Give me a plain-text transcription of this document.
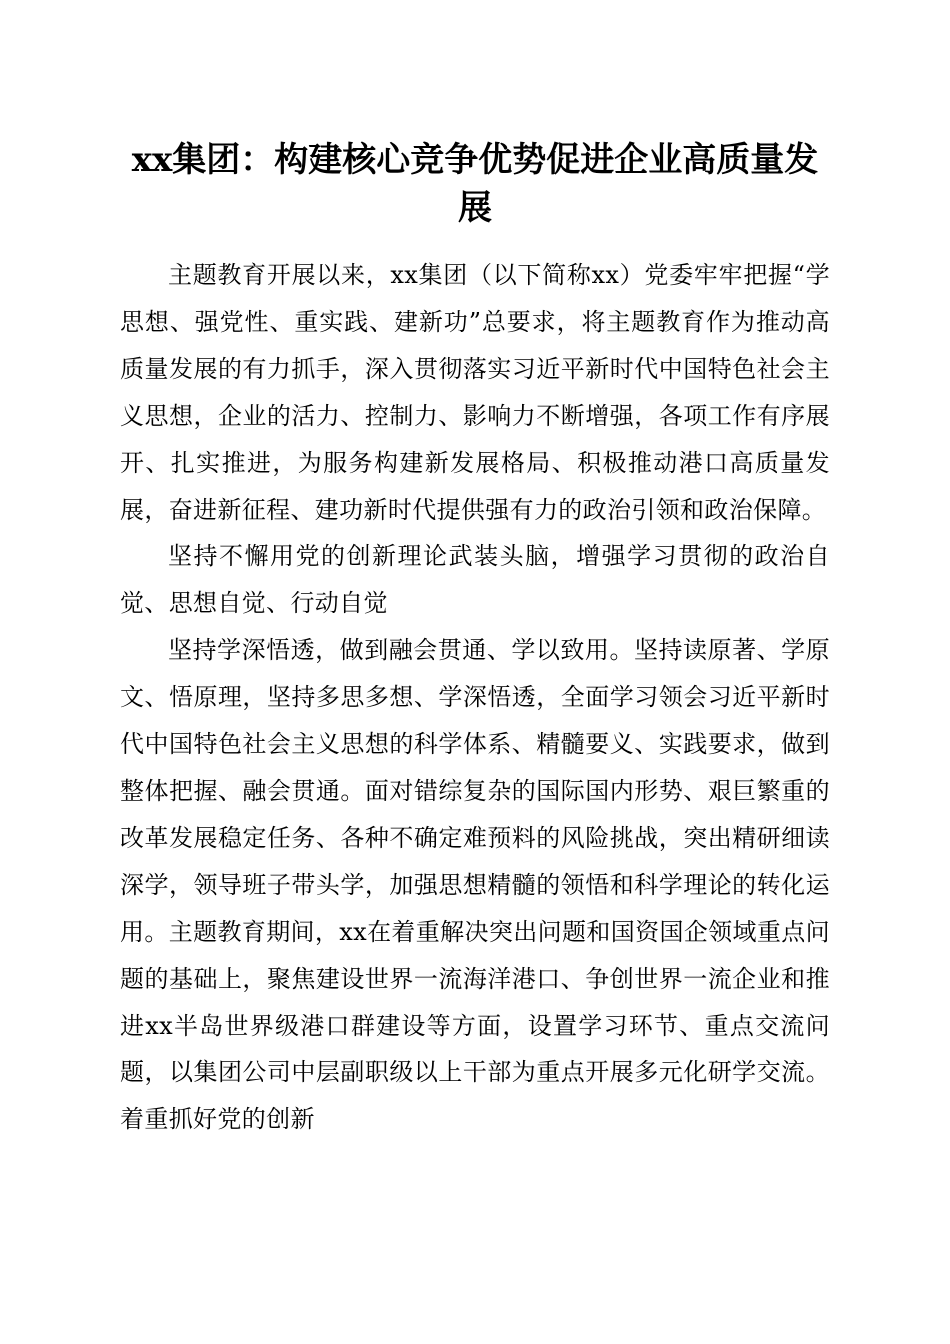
xx集团：构建核心竞争优势促进企业高质量发展

主题教育开展以来，xx集团（以下简称xx）党委牢牢把握“学思想、强党性、重实践、建新功”总要求，将主题教育作为推动高质量发展的有力抓手，深入贯彻落实习近平新时代中国特色社会主义思想，企业的活力、控制力、影响力不断增强，各项工作有序展开、扎实推进，为服务构建新发展格局、积极推动港口高质量发展，奋进新征程、建功新时代提供强有力的政治引领和政治保障。

坚持不懈用党的创新理论武装头脑，增强学习贯彻的政治自觉、思想自觉、行动自觉

坚持学深悟透，做到融会贯通、学以致用。坚持读原著、学原文、悟原理，坚持多思多想、学深悟透，全面学习领会习近平新时代中国特色社会主义思想的科学体系、精髓要义、实践要求，做到整体把握、融会贯通。面对错综复杂的国际国内形势、艰巨繁重的改革发展稳定任务、各种不确定难预料的风险挑战，突出精研细读深学，领导班子带头学，加强思想精髓的领悟和科学理论的转化运用。主题教育期间，xx在着重解决突出问题和国资国企领域重点问题的基础上，聚焦建设世界一流海洋港口、争创世界一流企业和推进xx半岛世界级港口群建设等方面，设置学习环节、重点交流问题，以集团公司中层副职级以上干部为重点开展多元化研学交流。着重抓好党的创新
